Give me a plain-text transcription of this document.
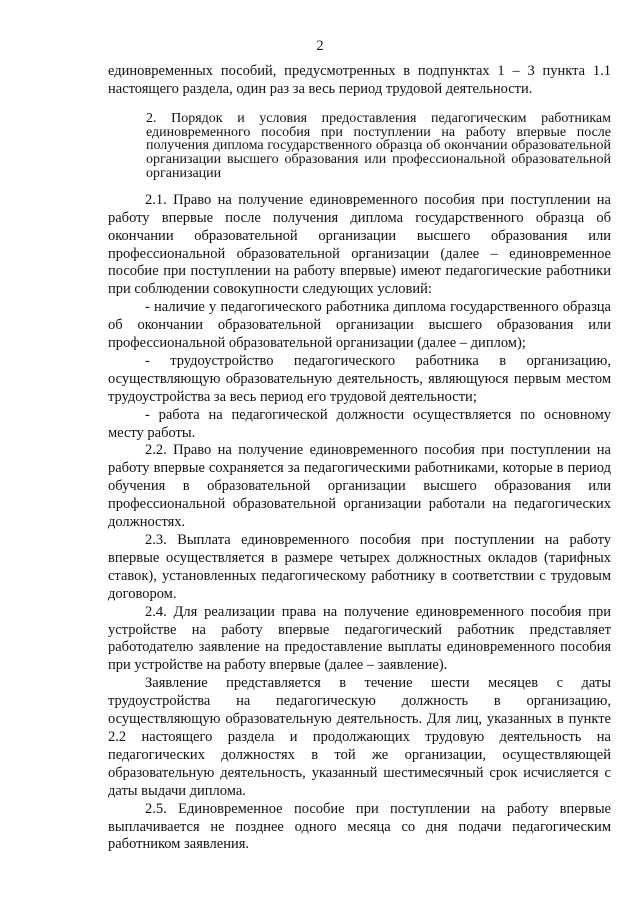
2

единовременных пособий, предусмотренных в подпунктах 1 – 3 пункта 1.1 настоящего раздела, один раз за весь период трудовой деятельности.

2. Порядок и условия предоставления педагогическим работникам единовременного пособия при поступлении на работу впервые после получения диплома государственного образца об окончании образовательной организации высшего образования или профессиональной образовательной организации

2.1. Право на получение единовременного пособия при поступлении на работу впервые после получения диплома государственного образца об окончании образовательной организации высшего образования или профессиональной образовательной организации (далее – единовременное пособие при поступлении на работу впервые) имеют педагогические работники при соблюдении совокупности следующих условий:

- наличие у педагогического работника диплома государственного образца об окончании образовательной организации высшего образования или профессиональной образовательной организации (далее – диплом);

- трудоустройство педагогического работника в организацию, осуществляющую образовательную деятельность, являющуюся первым местом трудоустройства за весь период его трудовой деятельности;

- работа на педагогической должности осуществляется по основному месту работы.

2.2. Право на получение единовременного пособия при поступлении на работу впервые сохраняется за педагогическими работниками, которые в период обучения в образовательной организации высшего образования или профессиональной образовательной организации работали на педагогических должностях.

2.3. Выплата единовременного пособия при поступлении на работу впервые осуществляется в размере четырех должностных окладов (тарифных ставок), установленных педагогическому работнику в соответствии с трудовым договором.

2.4. Для реализации права на получение единовременного пособия при устройстве на работу впервые педагогический работник представляет работодателю заявление на предоставление выплаты единовременного пособия при устройстве на работу впервые (далее – заявление).

Заявление представляется в течение шести месяцев с даты трудоустройства на педагогическую должность в организацию, осуществляющую образовательную деятельность. Для лиц, указанных в пункте 2.2 настоящего раздела и продолжающих трудовую деятельность на педагогических должностях в той же организации, осуществляющей образовательную деятельность, указанный шестимесячный срок исчисляется с даты выдачи диплома.

2.5. Единовременное пособие при поступлении на работу впервые выплачивается не позднее одного месяца со дня подачи педагогическим работником заявления.
